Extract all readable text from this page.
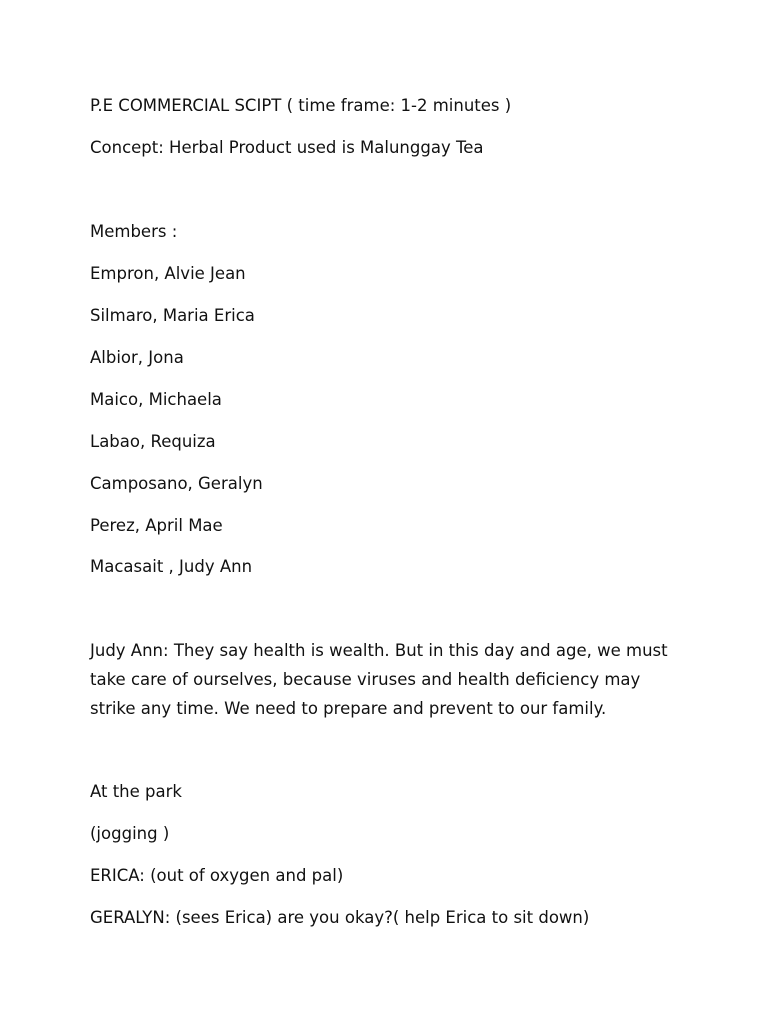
P.E COMMERCIAL SCIPT ( time frame: 1-2 minutes )
Concept: Herbal Product used is Malunggay Tea
Members :
Empron, Alvie Jean
Silmaro, Maria Erica
Albior, Jona
Maico, Michaela
Labao, Requiza
Camposano, Geralyn
Perez, April Mae
Macasait , Judy Ann
Judy Ann: They say health is wealth. But in this day and age, we must
take care of ourselves, because viruses and health deficiency may
strike any time. We need to prepare and prevent to our family.
At the park
(jogging )
ERICA: (out of oxygen and pal)
GERALYN: (sees Erica) are you okay?( help Erica to sit down)
